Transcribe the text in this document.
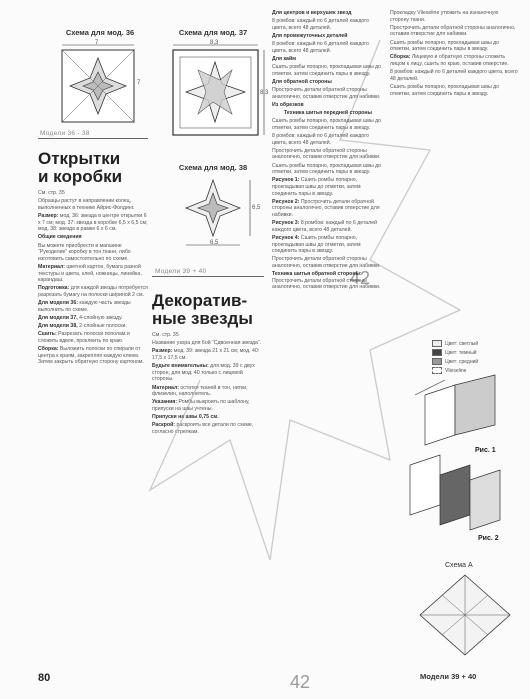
Схема для мод. 36
7
7
Схема для мод. 37
8,3
8,3
Схема для мод. 38
6,5
6,5
Модели 36 - 38
Открытки
и коробки

См. стр. 35

Образцы растут в направлении колец, выполненных в технике Айрис-Фолдинг.

Размер: мод. 36: звезда в центре открытки 6 х 7 см; мод. 37: звезда в коробке 6,5 х 6,5 см; мод. 38: звезда в рамке 6 х 6 см.

Общие сведения

Вы можете приобрести в магазине “Рукоделие” коробку в тон ткани, либо изготовить самостоятельно по схеме.

Материал: цветной картон, бумага разной текстуры и цвета, клей, ножницы, линейка, карандаш.

Подготовка: для каждой звезды потребуется разрезать бумагу на полоски шириной 2 см.

Для модели 36: каждую часть звезды выполнить по схеме.

Для модели 37, 4-слойную звезду.

Для модели 38, 2-слойные полоски.

Сшить: Разрезать полоски пополам и сложить вдвое, проклеить по краю.

Сборка: Выложить полоски по спирали от центра к краям, закрепляя каждую клеем. Затем закрыть обратную сторону картоном.

80
Модели 39 + 40
Декоратив-
ные звезды

См. стр. 35

Название узора для 6ой “Сдвоенная звезда”.

Размер: мод. 39: звезда 21 х 21 см; мод. 40: 17,5 х 17,5 см.

Будьте внимательны: для мод. 39 с двух сторон, для мод. 40 только с лицевой стороны.

Материал: остатки тканей в тон, нитки, флизелин, наполнитель.

Указания: Ромбы выкроить по шаблону, припуски на швы учтены.

Припуски на швы 0,75 см.

Раскрой: раскроить все детали по схеме, согласно стрелкам.

42
42

Для центров и верхушек звезд

8 ромбов: каждый по 6 деталей каждого цвета, всего 48 деталей.

Для промежуточных деталей

8 ромбов: каждый по 6 деталей каждого цвета, всего 48 деталей.

Для кайм

Сшить ромбы попарно, прокладывая швы до отметки, затем соединить пары в звезду.

Для обратной стороны

Прострочить детали обратной стороны аналогично, оставив отверстие для набивки.

Из обрезков

Техника шитья передней стороны

Сшить ромбы попарно, прокладывая швы до отметки, затем соединить пары в звезду.

8 ромбов: каждый по 6 деталей каждого цвета, всего 48 деталей.

Прострочить детали обратной стороны аналогично, оставив отверстие для набивки.

Сшить ромбы попарно, прокладывая швы до отметки, затем соединить пары в звезду.

Рисунок 1: Сшить ромбы попарно, прокладывая швы до отметки, затем соединить пары в звезду.

Рисунок 2: Прострочить детали обратной стороны аналогично, оставив отверстие для набивки.

Рисунок 3: 8 ромбов: каждый по 6 деталей каждого цвета, всего 48 деталей.

Рисунок 4: Сшить ромбы попарно, прокладывая швы до отметки, затем соединить пары в звезду.

Прострочить детали обратной стороны аналогично, оставив отверстие для набивки.

Техника шитья обратной стороны: Прострочить детали обратной стороны аналогично, оставив отверстие для набивки.

Прокладку Vlieseline утюжить на изнаночную сторону ткани.

Прострочить детали обратной стороны аналогично, оставив отверстие для набивки.

Сшить ромбы попарно, прокладывая швы до отметки, затем соединить пары в звезду.

Сборка: Лицевую и обратную стороны сложить лицом к лицу, сшить по краю, оставив отверстие.

8 ромбов: каждый по 6 деталей каждого цвета, всего 48 деталей.

Сшить ромбы попарно, прокладывая швы до отметки, затем соединить пары в звезду.

Цвет: светлый
Цвет: темный
Цвет: средний
Vlieseline
Рис. 1
Рис. 2
Схема А
Модели 39 + 40
